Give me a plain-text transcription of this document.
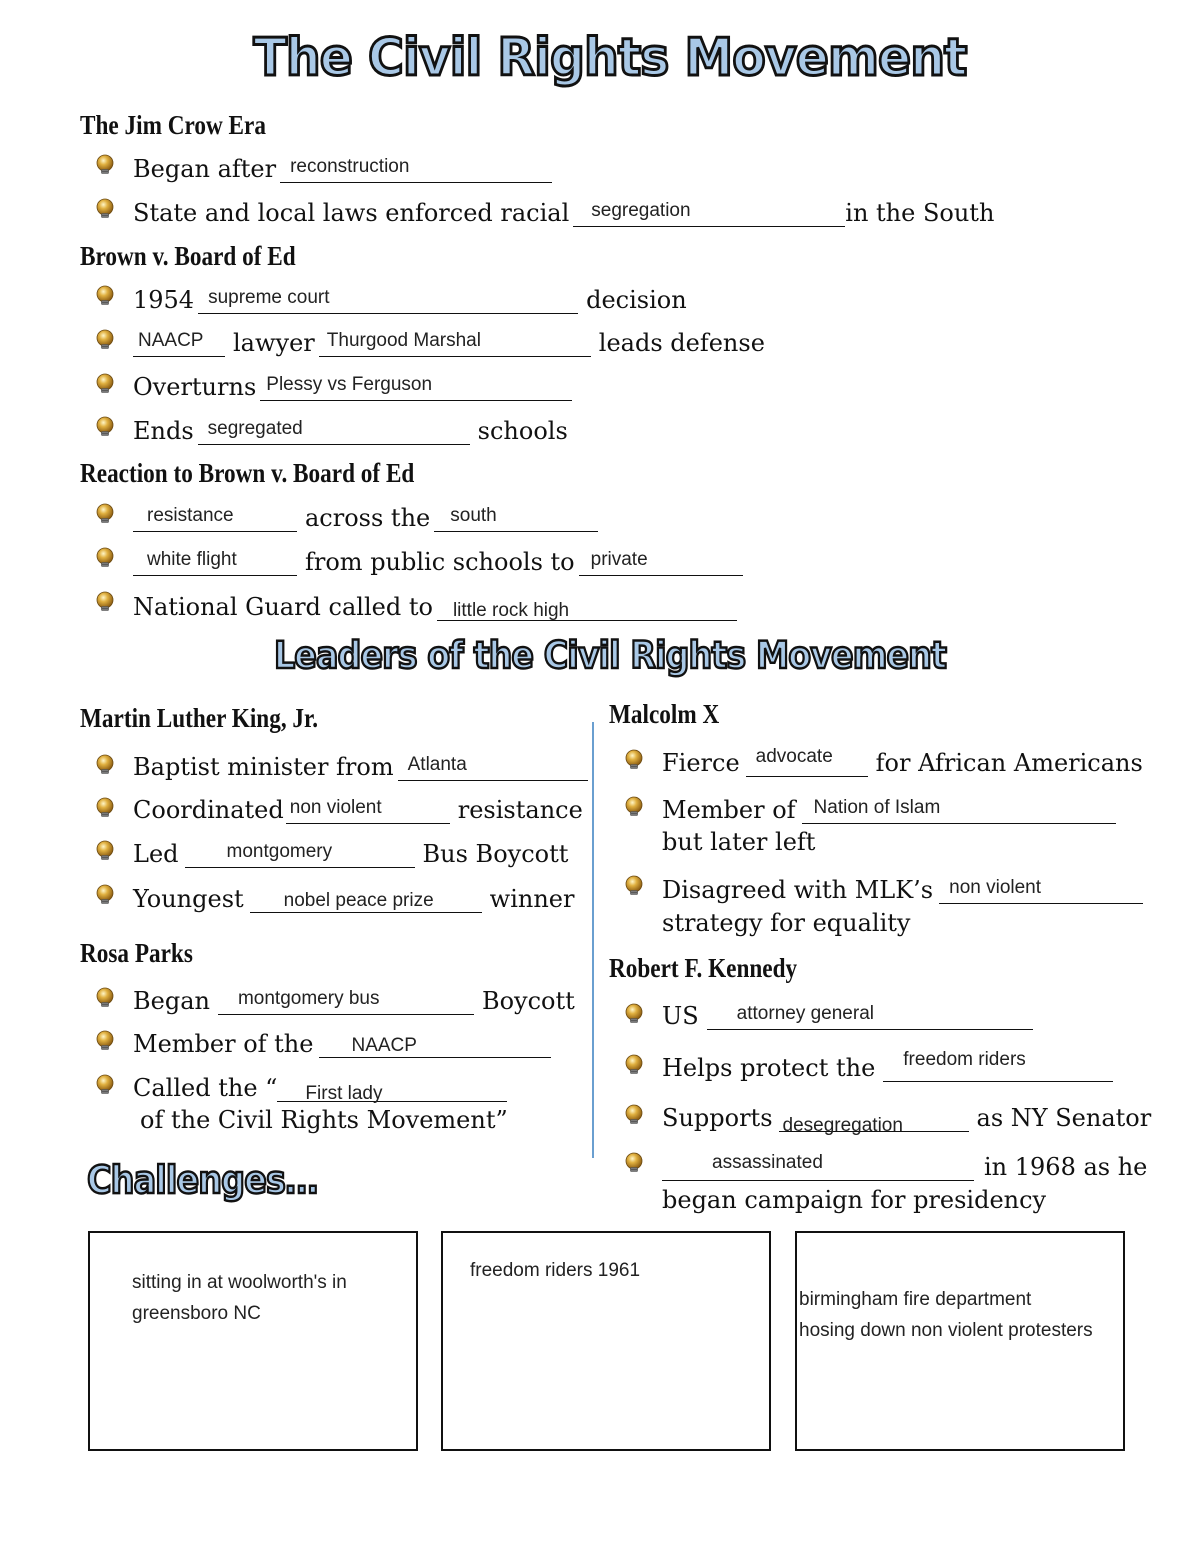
The Civil Rights Movement
The Jim Crow Era
Began after reconstruction
State and local laws enforced racial segregation	in the South
Brown v. Board of Ed
1954 supreme court	decision
NAACP lawyer Thurgood Marshal	leads defense
Overturns Plessy vs Ferguson
Ends segregated	schools
Reaction to Brown v. Board of Ed
resistance	across the south
white flight	from public schools to private
National Guard called to little rock high
Leaders of the Civil Rights Movement
Martin Luther King, Jr.
Baptist minister from Atlanta
Coordinated non violent	resistance
Led	montgomery	Bus Boycott
Youngest nobel peace prize winner
Rosa Parks
Began montgomery bus	Boycott
Member of the NAACP
Called the “ First lady
of the Civil Rights Movement”
Malcolm X
Fierce advocate for African Americans
Member of Nation of Islam
but later left
Disagreed with MLK’s non violent
strategy for equality
Robert F. Kennedy
US attorney general
Helps protect the freedom riders
Supports desegregation	as NY Senator
assassinated	in 1968 as he
began campaign for presidency
Challenges…
sitting in at woolworth's in
greensboro NC
freedom riders 1961
birmingham fire department
hosing down non violent protesters
